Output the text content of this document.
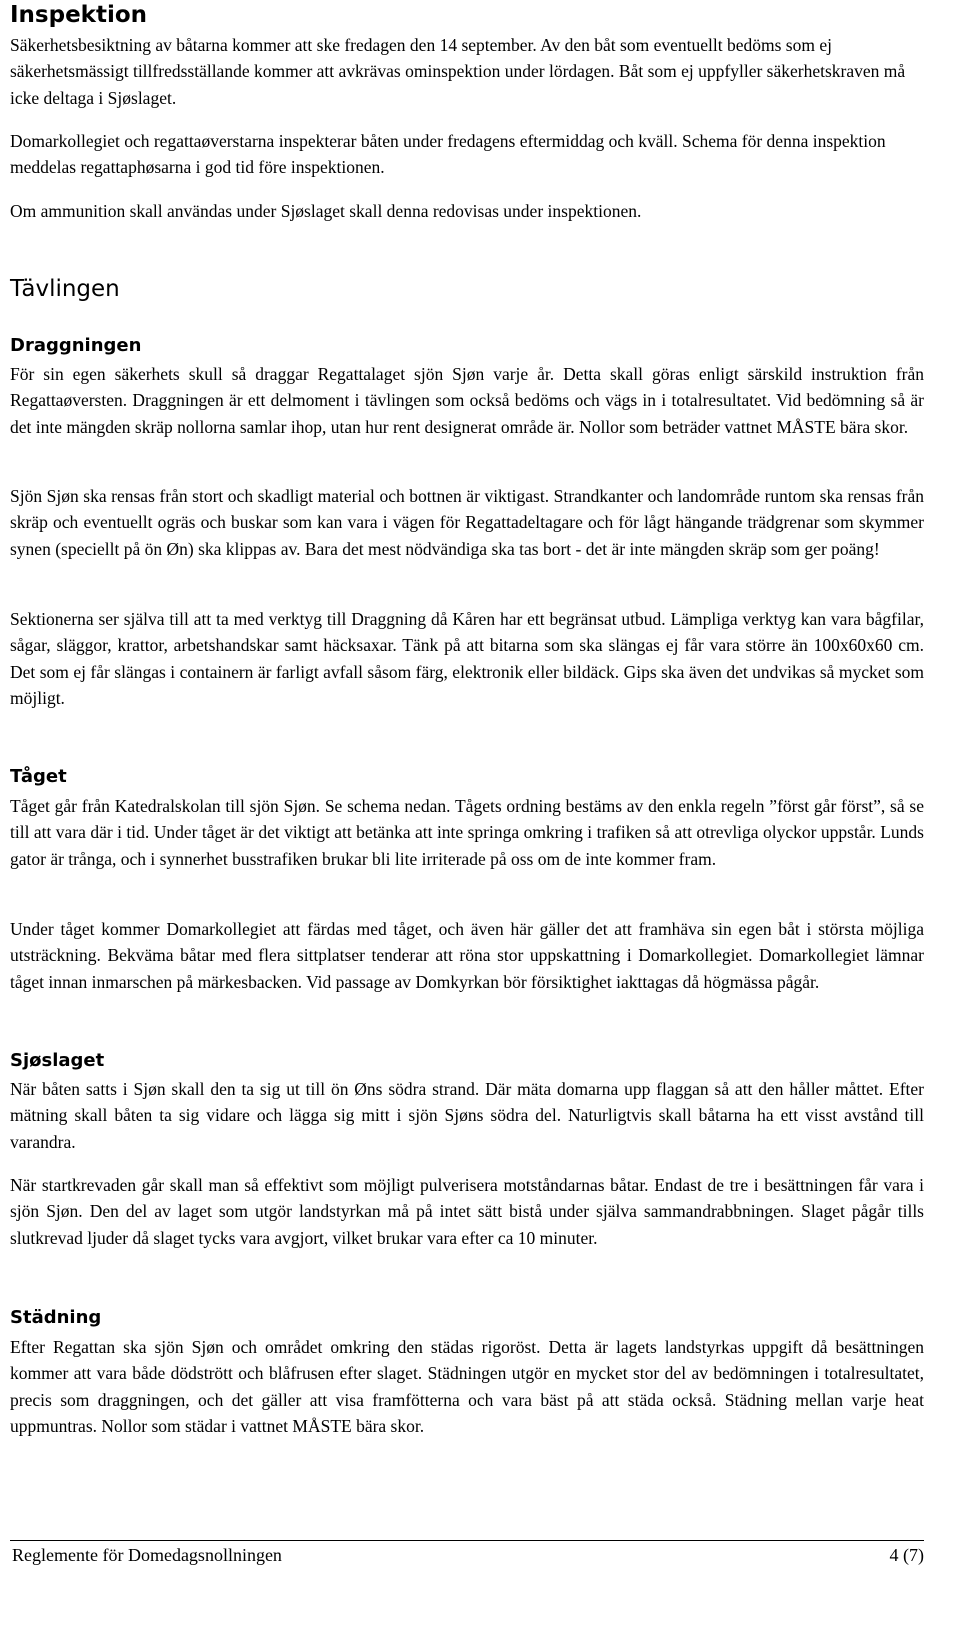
Inspektion

Säkerhetsbesiktning av båtarna kommer att ske fredagen den 14 september. Av den båt som eventuellt bedöms som ej säkerhetsmässigt tillfredsställande kommer att avkrävas ominspektion under lördagen. Båt som ej uppfyller säkerhetskraven må icke deltaga i Sjøslaget.

Domarkollegiet och regattaøverstarna inspekterar båten under fredagens eftermiddag och kväll. Schema för denna inspektion meddelas regattaphøsarna i god tid före inspektionen.

Om ammunition skall användas under Sjøslaget skall denna redovisas under inspektionen.

Tävlingen
Draggningen

För sin egen säkerhets skull så draggar Regattalaget sjön Sjøn varje år. Detta skall göras enligt särskild instruktion från Regattaøversten. Draggningen är ett delmoment i tävlingen som också bedöms och vägs in i totalresultatet. Vid bedömning så är det inte mängden skräp nollorna samlar ihop, utan hur rent designerat område är. Nollor som beträder vattnet MÅSTE bära skor.

Sjön Sjøn ska rensas från stort och skadligt material och bottnen är viktigast. Strandkanter och landområde runtom ska rensas från skräp och eventuellt ogräs och buskar som kan vara i vägen för Regattadeltagare och för lågt hängande trädgrenar som skymmer synen (speciellt på ön Øn) ska klippas av. Bara det mest nödvändiga ska tas bort - det är inte mängden skräp som ger poäng!

Sektionerna ser själva till att ta med verktyg till Draggning då Kåren har ett begränsat utbud. Lämpliga verktyg kan vara bågfilar, sågar, släggor, krattor, arbetshandskar samt häcksaxar. Tänk på att bitarna som ska slängas ej får vara större än 100x60x60 cm. Det som ej får slängas i containern är farligt avfall såsom färg, elektronik eller bildäck. Gips ska även det undvikas så mycket som möjligt.

Tåget

Tåget går från Katedralskolan till sjön Sjøn. Se schema nedan. Tågets ordning bestäms av den enkla regeln ”först går först”, så se till att vara där i tid. Under tåget är det viktigt att betänka att inte springa omkring i trafiken så att otrevliga olyckor uppstår. Lunds gator är trånga, och i synnerhet busstrafiken brukar bli lite irriterade på oss om de inte kommer fram.

Under tåget kommer Domarkollegiet att färdas med tåget, och även här gäller det att framhäva sin egen båt i största möjliga utsträckning. Bekväma båtar med flera sittplatser tenderar att röna stor uppskattning i Domarkollegiet. Domarkollegiet lämnar tåget innan inmarschen på märkesbacken. Vid passage av Domkyrkan bör försiktighet iakttagas då högmässa pågår.

Sjøslaget

När båten satts i Sjøn skall den ta sig ut till ön Øns södra strand. Där mäta domarna upp flaggan så att den håller måttet. Efter mätning skall båten ta sig vidare och lägga sig mitt i sjön Sjøns södra del. Naturligtvis skall båtarna ha ett visst avstånd till varandra.

När startkrevaden går skall man så effektivt som möjligt pulverisera motståndarnas båtar. Endast de tre i besättningen får vara i sjön Sjøn. Den del av laget som utgör landstyrkan må på intet sätt bistå under själva sammandrabbningen. Slaget pågår tills slutkrevad ljuder då slaget tycks vara avgjort, vilket brukar vara efter ca 10 minuter.

Städning

Efter Regattan ska sjön Sjøn och området omkring den städas rigoröst. Detta är lagets landstyrkas uppgift då besättningen kommer att vara både dödstrött och blåfrusen efter slaget. Städningen utgör en mycket stor del av bedömningen i totalresultatet, precis som draggningen, och det gäller att visa framfötterna och vara bäst på att städa också. Städning mellan varje heat uppmuntras. Nollor som städar i vattnet MÅSTE bära skor.

Reglemente för Domedagsnollningen	4 (7)
